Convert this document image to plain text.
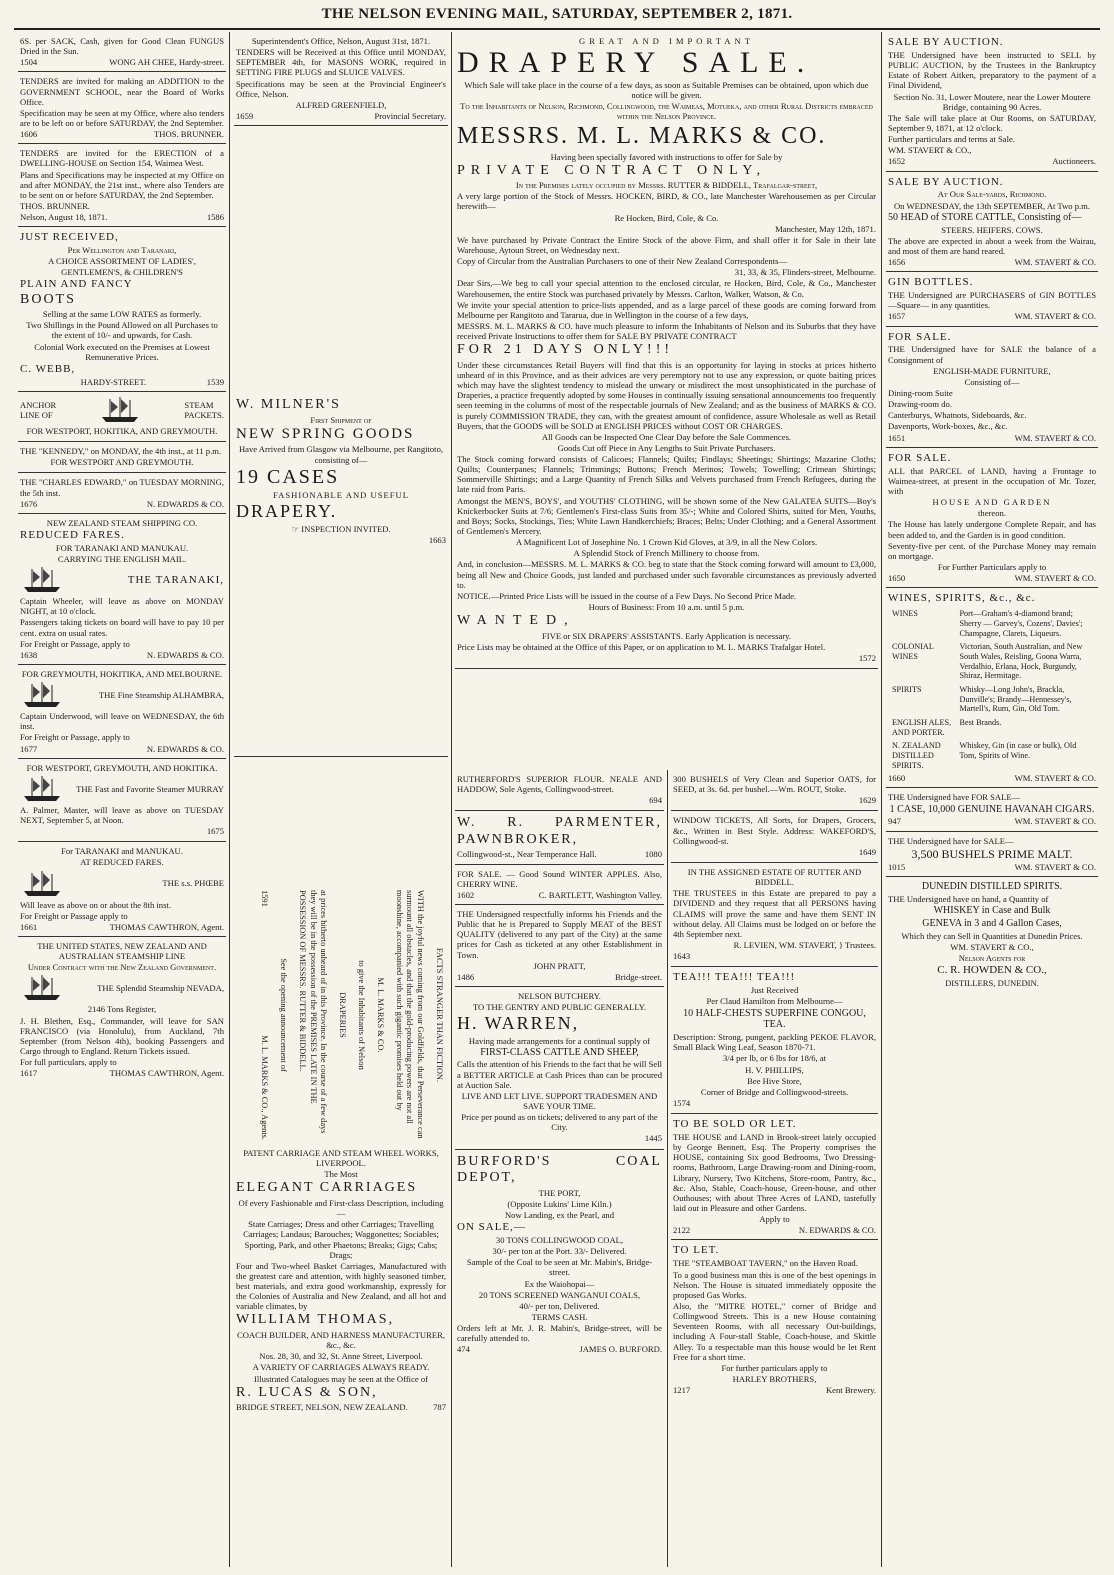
THE NELSON EVENING MAIL, SATURDAY, SEPTEMBER 2, 1871.

6S. per SACK, Cash, given for Good Clean FUNGUS Dried in the Sun.

1504	WONG AH CHEE, Hardy-street.

TENDERS are invited for making an ADDITION to the GOVERNMENT SCHOOL, near the Board of Works Office.

Specification may be seen at my Office, where also tenders are to be left on or before SATURDAY, the 2nd September.

1606	THOS. BRUNNER.

TENDERS are invited for the ERECTION of a DWELLING-HOUSE on Section 154, Waimea West.

Plans and Specifications may be inspected at my Office on and after MONDAY, the 21st inst., where also Tenders are to be sent on or before SATURDAY, the 2nd September.

THOS. BRUNNER.

Nelson, August 18, 1871.	1586

JUST RECEIVED,

Per Wellington and Taranaki,

A CHOICE ASSORTMENT OF LADIES', GENTLEMEN'S, & CHILDREN'S

PLAIN AND FANCY

BOOTS

Selling at the same LOW RATES as formerly.

Two Shillings in the Pound Allowed on all Purchases to the extent of 10/- and upwards, for Cash.

Colonial Work executed on the Premises at Lowest Remunerative Prices.

C. WEBB,

HARDY-STREET.	1539
ANCHOR
LINE OF
STEAM
PACKETS.

FOR WESTPORT, HOKITIKA, AND GREYMOUTH.

THE "KENNEDY," on MONDAY, the 4th inst., at 11 p.m.

FOR WESTPORT AND GREYMOUTH.

THE "CHARLES EDWARD," on TUESDAY MORNING, the 5th inst.

1676	N. EDWARDS & CO.

NEW ZEALAND STEAM SHIPPING CO.

REDUCED FARES.

FOR TARANAKI AND MANUKAU.

CARRYING THE ENGLISH MAIL.

THE TARANAKI,

Captain Wheeler, will leave as above on MONDAY NIGHT, at 10 o'clock.

Passengers taking tickets on board will have to pay 10 per cent. extra on usual rates.

For Freight or Passage, apply to

1638	N. EDWARDS & CO.

FOR GREYMOUTH, HOKITIKA, AND MELBOURNE.

THE Fine Steamship ALHAMBRA,

Captain Underwood, will leave on WEDNESDAY, the 6th inst.

For Freight or Passage, apply to

1677	N. EDWARDS & CO.

FOR WESTPORT, GREYMOUTH, AND HOKITIKA.

THE Fast and Favorite Steamer MURRAY

A. Palmer, Master, will leave as above on TUESDAY NEXT, September 5, at Noon.

1675

For TARANAKI and MANUKAU.

AT REDUCED FARES.

THE s.s. PHŒBE

Will leave as above on or about the 8th inst.

For Freight or Passage apply to

1661	THOMAS CAWTHRON, Agent.

THE UNITED STATES, NEW ZEALAND AND AUSTRALIAN STEAMSHIP LINE

Under Contract with the New Zealand Government.

THE Splendid Steamship NEVADA,

2146 Tons Register,

J. H. Blethen, Esq., Commander, will leave for SAN FRANCISCO (via Honolulu), from Auckland, 7th September (from Nelson 4th), booking Passengers and Cargo through to England. Return Tickets issued.

For full particulars, apply to

1617	THOMAS CAWTHRON, Agent.

Superintendent's Office, Nelson, August 31st, 1871.

TENDERS will be Received at this Office until MONDAY, SEPTEMBER 4th, for MASONS WORK, required in SETTING FIRE PLUGS and SLUICE VALVES.

Specifications may be seen at the Provincial Engineer's Office, Nelson.

ALFRED GREENFIELD,

1659	Provincial Secretary.

W. MILNER'S

First Shipment of

NEW SPRING GOODS

Have Arrived from Glasgow via Melbourne, per Rangitoto, consisting of—

19 CASES

FASHIONABLE AND USEFUL

DRAPERY.

☞ INSPECTION INVITED.

1663

FACTS STRANGER THAN FICTION.

WITH the joyful news coming from our Goldfields, that Perseverance can surmount all obstacles, and that the gold-producing powers are not all moonshine, accompanied with such gigantic promises held out by

M. L. MARKS & CO.

to give the Inhabitants of Nelson

DRAPERIES

at prices hitherto unheard of in this Province. In the course of a few days they will be in the possession of the PREMISES LATE IN THE POSSESSION OF MESSRS. RUTTER & BIDDELL.

See the opening announcement of

1591
M. L. MARKS & CO., Agents.

PATENT CARRIAGE AND STEAM WHEEL WORKS, LIVERPOOL.

The Most

ELEGANT CARRIAGES

Of every Fashionable and First-class Description, including—

State Carriages; Dress and other Carriages; Travelling Carriages; Landaus; Barouches; Waggonettes; Sociables; Sporting, Park, and other Phaetons; Breaks; Gigs; Cabs; Drags;

Four and Two-wheel Basket Carriages, Manufactured with the greatest care and attention, with highly seasoned timber, best materials, and extra good workmanship, expressly for the Colonies of Australia and New Zealand, and all hot and variable climates, by

WILLIAM THOMAS,

COACH BUILDER, AND HARNESS MANUFACTURER, &c., &c.

Nos. 28, 30, and 32, St. Anne Street, Liverpool.

A VARIETY OF CARRIAGES ALWAYS READY.

Illustrated Catalogues may be seen at the Office of

R. LUCAS & SON,

BRIDGE STREET, NELSON, NEW ZEALAND.	787

GREAT AND IMPORTANT

DRAPERY SALE.

Which Sale will take place in the course of a few days, as soon as Suitable Premises can be obtained, upon which due notice will be given.

To the Inhabitants of Nelson, Richmond, Collingwood, the Waimeas, Motueka, and other Rural Districts embraced within the Nelson Province.

MESSRS. M. L. MARKS & CO.

Having been specially favored with instructions to offer for Sale by

PRIVATE CONTRACT ONLY,

In the Premises lately occupied by Messrs. RUTTER & BIDDELL, Trafalgar-street,

A very large portion of the Stock of Messrs. HOCKEN, BIRD, & CO., late Manchester Warehousemen as per Circular herewith—

Re Hocken, Bird, Cole, & Co.

Manchester, May 12th, 1871.

We have purchased by Private Contract the Entire Stock of the above Firm, and shall offer it for Sale in their late Warehouse, Aytoun Street, on Wednesday next.

Copy of Circular from the Australian Purchasers to one of their New Zealand Correspondents—

31, 33, & 35, Flinders-street, Melbourne.

Dear Sirs,—We beg to call your special attention to the enclosed circular, re Hocken, Bird, Cole, & Co., Manchester Warehousemen, the entire Stock was purchased privately by Messrs. Carlton, Walker, Watson, & Co.

We invite your special attention to price-lists appended, and as a large parcel of these goods are coming forward from Melbourne per Rangitoto and Tararua, due in Wellington in the course of a few days,

MESSRS. M. L. MARKS & CO. have much pleasure to inform the Inhabitants of Nelson and its Suburbs that they have received Private Instructions to offer them for SALE BY PRIVATE CONTRACT

FOR 21 DAYS ONLY!!!

Under these circumstances Retail Buyers will find that this is an opportunity for laying in stocks at prices hitherto unheard of in this Province, and as their advices are very peremptory not to use any expression, or quote baiting prices which may have the slightest tendency to mislead the unwary or misdirect the most unsophisticated in the purchase of Draperies, a practice frequently adopted by some Houses in continually issuing sensational announcements too frequently seen teeming in the columns of most of the respectable journals of New Zealand; and as the business of MARKS & CO. is purely COMMISSION TRADE, they can, with the greatest amount of confidence, assure Wholesale as well as Retail Buyers, that the GOODS will be SOLD at ENGLISH PRICES without COST OR CHARGES.

All Goods can be Inspected One Clear Day before the Sale Commences.

Goods Cut off Piece in Any Lengths to Suit Private Purchasers.

The Stock coming forward consists of Calicoes; Flannels; Quilts; Findlays; Sheetings; Shirtings; Mazarine Cloths; Quilts; Counterpanes; Flannels; Trimmings; Buttons; French Merinos; Towels; Towelling; Crimean Shirtings; Sommerville Shirtings; and a Large Quantity of French Silks and Velvets purchased from French Refugees, during the late raid from Paris.

Amongst the MEN'S, BOYS', and YOUTHS' CLOTHING, will be shown some of the New GALATEA SUITS—Boy's Knickerbocker Suits at 7/6; Gentlemen's First-class Suits from 35/-; White and Colored Shirts, suited for Men, Youths, and Boys; Socks, Stockings, Ties; White Lawn Handkerchiefs; Braces; Belts; Under Clothing; and a General Assortment of Gentlemen's Mercery.

A Magnificent Lot of Josephine No. 1 Crown Kid Gloves, at 3/9, in all the New Colors.

A Splendid Stock of French Millinery to choose from.

And, in conclusion—MESSRS. M. L. MARKS & CO. beg to state that the Stock coming forward will amount to £3,000, being all New and Choice Goods, just landed and purchased under such favorable circumstances as previously adverted to.

NOTICE.—Printed Price Lists will be issued in the course of a Few Days. No Second Price Made.

Hours of Business: From 10 a.m. until 5 p.m.

WANTED,

FIVE or SIX DRAPERS' ASSISTANTS. Early Application is necessary.

Price Lists may be obtained at the Office of this Paper, or on application to M. L. MARKS Trafalgar Hotel.

1572

RUTHERFORD'S SUPERIOR FLOUR. NEALE AND HADDOW, Sole Agents, Collingwood-street.

694

W. R. PARMENTER, PAWNBROKER,

Collingwood-st., Near Temperance Hall.	1080

FOR SALE. — Good Sound WINTER APPLES. Also, CHERRY WINE.

1602	C. BARTLETT, Washington Valley.

THE Undersigned respectfully informs his Friends and the Public that he is Prepared to Supply MEAT of the BEST QUALITY (delivered to any part of the City) at the same prices for Cash as ticketed at any other Establishment in Town.

JOHN PRATT,

1486	Bridge-street.

NELSON BUTCHERY.

TO THE GENTRY AND PUBLIC GENERALLY.

H. WARREN,

Having made arrangements for a continual supply of

FIRST-CLASS CATTLE AND SHEEP,

Calls the attention of his Friends to the fact that he will Sell a BETTER ARTICLE at Cash Prices than can be procured at Auction Sale.

LIVE AND LET LIVE. SUPPORT TRADESMEN AND SAVE YOUR TIME.

Price per pound as on tickets; delivered to any part of the City.

1445

BURFORD'S COAL DEPOT,

THE PORT,

(Opposite Lukins' Lime Kiln.)

Now Landing, ex the Pearl, and

ON SALE,—

30 TONS COLLINGWOOD COAL,

30/- per ton at the Port. 33/- Delivered.

Sample of the Coal to be seen at Mr. Mabin's, Bridge-street.

Ex the Waiohopai—

20 TONS SCREENED WANGANUI COALS,

40/- per ton, Delivered.

TERMS CASH.

Orders left at Mr. J. R. Mabin's, Bridge-street, will be carefully attended to.

474	JAMES O. BURFORD.

300 BUSHELS of Very Clean and Superior OATS, for SEED, at 3s. 6d. per bushel.—Wm. ROUT, Stoke.

1629

WINDOW TICKETS, All Sorts, for Drapers, Grocers, &c., Written in Best Style. Address: WAKEFORD'S, Collingwood-st.

1649

IN THE ASSIGNED ESTATE OF RUTTER AND BIDDELL.

THE TRUSTEES in this Estate are prepared to pay a DIVIDEND and they request that all PERSONS having CLAIMS will prove the same and have them SENT IN without delay. All Claims must be lodged on or before the 4th September next.

R. LEVIEN, WM. STAVERT, } Trustees.

1643

TEA!!! TEA!!! TEA!!!

Just Received

Per Claud Hamilton from Melbourne—

10 HALF-CHESTS SUPERFINE CONGOU, TEA.

Description: Strong, pungent, packling PEKOE FLAVOR, Small Black Wing Leaf, Season 1870-71.

3/4 per lb, or 6 lbs for 18/6, at

H. V. PHILLIPS,

Bee Hive Store,

Corner of Bridge and Collingwood-streets.

1574

TO BE SOLD OR LET.

THE HOUSE and LAND in Brook-street lately occupied by George Bennett, Esq. The Property comprises the HOUSE, containing Six good Bedrooms, Two Dressing-rooms, Bathroom, Large Drawing-room and Dining-room, Library, Nursery, Two Kitchens, Store-room, Pantry, &c., &c. Also, Stable, Coach-house, Green-house, and other Outhouses; with about Three Acres of LAND, tastefully laid out in Pleasure and other Gardens.

Apply to

2122	N. EDWARDS & CO.

TO LET.

THE "STEAMBOAT TAVERN," on the Haven Road.

To a good business man this is one of the best openings in Nelson. The House is situated immediately opposite the proposed Gas Works.

Also, the "MITRE HOTEL," corner of Bridge and Collingwood Streets. This is a new House containing Seventeen Rooms, with all necessary Out-buildings, including A Four-stall Stable, Coach-house, and Skittle Alley. To a respectable man this house would be let Rent Free for a short time.

For further particulars apply to

HARLEY BROTHERS,

1217	Kent Brewery.

SALE BY AUCTION.

THE Undersigned have been instructed to SELL by PUBLIC AUCTION, by the Trustees in the Bankruptcy Estate of Robert Aitken, preparatory to the payment of a Final Dividend,

Section No. 31, Lower Moutere, near the Lower Moutere Bridge, containing 90 Acres.

The Sale will take place at Our Rooms, on SATURDAY, September 9, 1871, at 12 o'clock.

Further particulars and terms at Sale.

WM. STAVERT & CO.,

1652	Auctioneers.

SALE BY AUCTION.

At Our Sale-yards, Richmond.

On WEDNESDAY, the 13th SEPTEMBER, At Two p.m.

50 HEAD of STORE CATTLE, Consisting of—

STEERS. HEIFERS. COWS.

The above are expected in about a week from the Wairau, and most of them are hand reared.

1656	WM. STAVERT & CO.

GIN BOTTLES.

THE Undersigned are PURCHASERS of GIN BOTTLES—Square— in any quantities.

1657	WM. STAVERT & CO.

FOR SALE.

THE Undersigned have for SALE the balance of a Consignment of

ENGLISH-MADE FURNITURE,

Consisting of—

Dining-room Suite

Drawing-room do.

Canterburys, Whatnots, Sideboards, &c.

Davenports, Work-boxes, &c., &c.

1651	WM. STAVERT & CO.

FOR SALE.

ALL that PARCEL of LAND, having a Frontage to Waimea-street, at present in the occupation of Mr. Tozer, with

HOUSE AND GARDEN

thereon.

The House has lately undergone Complete Repair, and has been added to, and the Garden is in good condition.

Seventy-five per cent. of the Purchase Money may remain on mortgage.

For Further Particulars apply to

1650	WM. STAVERT & CO.

WINES, SPIRITS, &c., &c.

WINES	Port—Graham's 4-diamond brand; Sherry — Garvey's, Cozens', Davies'; Champagne, Clarets, Liqueurs.
COLONIAL WINES	Victorian, South Australian, and New South Wales, Reisling, Goona Warra, Verdalhio, Erlana, Hock, Burgundy, Shiraz, Hermitage.
SPIRITS	Whisky—Long John's, Brackla, Dunville's; Brandy—Hennessey's, Martell's, Rum, Gin, Old Tom.
ENGLISH ALES, AND PORTER.	Best Brands.
N. ZEALAND DISTILLED SPIRITS.	Whiskey, Gin (in case or bulk), Old Tom, Spirits of Wine.
1660	WM. STAVERT & CO.

THE Undersigned have FOR SALE—

1 CASE, 10,000 GENUINE HAVANAH CIGARS.

947	WM. STAVERT & CO.

THE Undersigned have for SALE—

3,500 BUSHELS PRIME MALT.

1015	WM. STAVERT & CO.

DUNEDIN DISTILLED SPIRITS.

THE Undersigned have on hand, a Quantity of

WHISKEY in Case and Bulk

GENEVA in 3 and 4 Gallon Cases,

Which they can Sell in Quantities at Dunedin Prices.

WM. STAVERT & CO.,

Nelson Agents for

C. R. HOWDEN & CO.,

DISTILLERS, DUNEDIN.
